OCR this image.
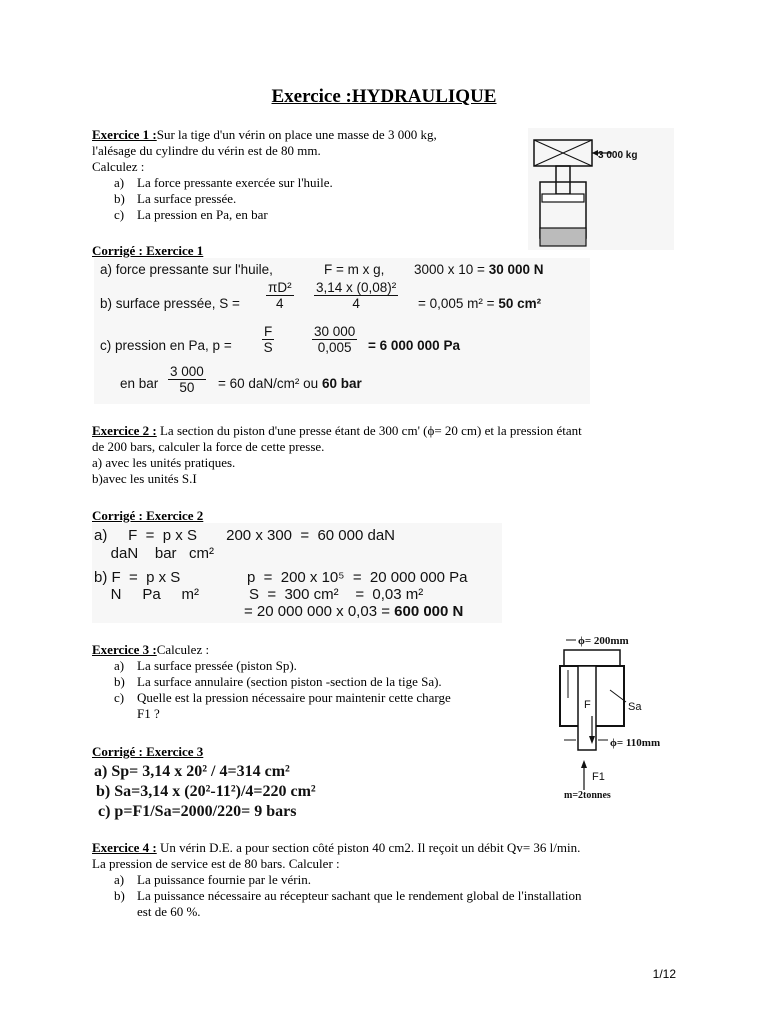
Exercice :HYDRAULIQUE
Exercice 1 :Sur la tige d'un vérin on place une masse de 3 000 kg,
l'alésage du cylindre du vérin est de 80 mm.
Calculez :
a) La force pressante exercée sur l'huile.
b) La surface pressée.
c) La pression en Pa, en bar
3 000 kg
Corrigé : Exercice 1
a) force pressante sur l'huile,	F = m x g, 3000 x 10 = 30 000 N
b) surface pressée, $S = \frac{\text{πD²}}{4} \frac{\text{3,14 x (0,08)²}}{4} = 0,005$ m² = 50 cm²
c) pression en Pa, $p = \frac{F}{S}$	$\frac{30 000}{0,005} = 6$ 000 000 Pa
en bar $\frac{3 000}{50} = 60$ daN/cm² ou 60 bar
Exercice 2 : La section du piston d'une presse étant de 300 cm' (ϕ= 20 cm) et la pression étant
de 200 bars, calculer la force de cette presse.
a) avec les unités pratiques.
b)avec les unités S.I
Corrigé : Exercice 2
a)     F  =  p x S       200 x 300  =  60 000 daN
daN    bar   cm²
b) F  =  p x S                p  =  200 x 10⁵  =  20 000 000 Pa
N     Pa     m²            S  =  300 cm²    =  0,03 m²
= 20 000 000 x 0,03 = 600 000 N
Exercice 3 :Calculez :
a) La surface pressée (piston Sp).
b) La surface annulaire (section piston -section de la tige Sa).
c) Quelle est la pression nécessaire pour maintenir cette charge
F1 ?
ϕ= 200mm
F	Sa
ϕ= 110mm
F1
m=2tonnes
Corrigé : Exercice 3
a) Sp= 3,14 x 20² / 4=314 cm²
b) Sa=3,14 x (20²-11²)/4=220 cm²
c) p=F1/Sa=2000/220= 9 bars
Exercice 4 : Un vérin D.E. a pour section côté piston 40 cm2. Il reçoit un débit Qv= 36 l/min.
La pression de service est de 80 bars. Calculer :
a) La puissance fournie par le vérin.
b) La puissance nécessaire au récepteur sachant que le rendement global de l'installation
est de 60 %.
1/12
